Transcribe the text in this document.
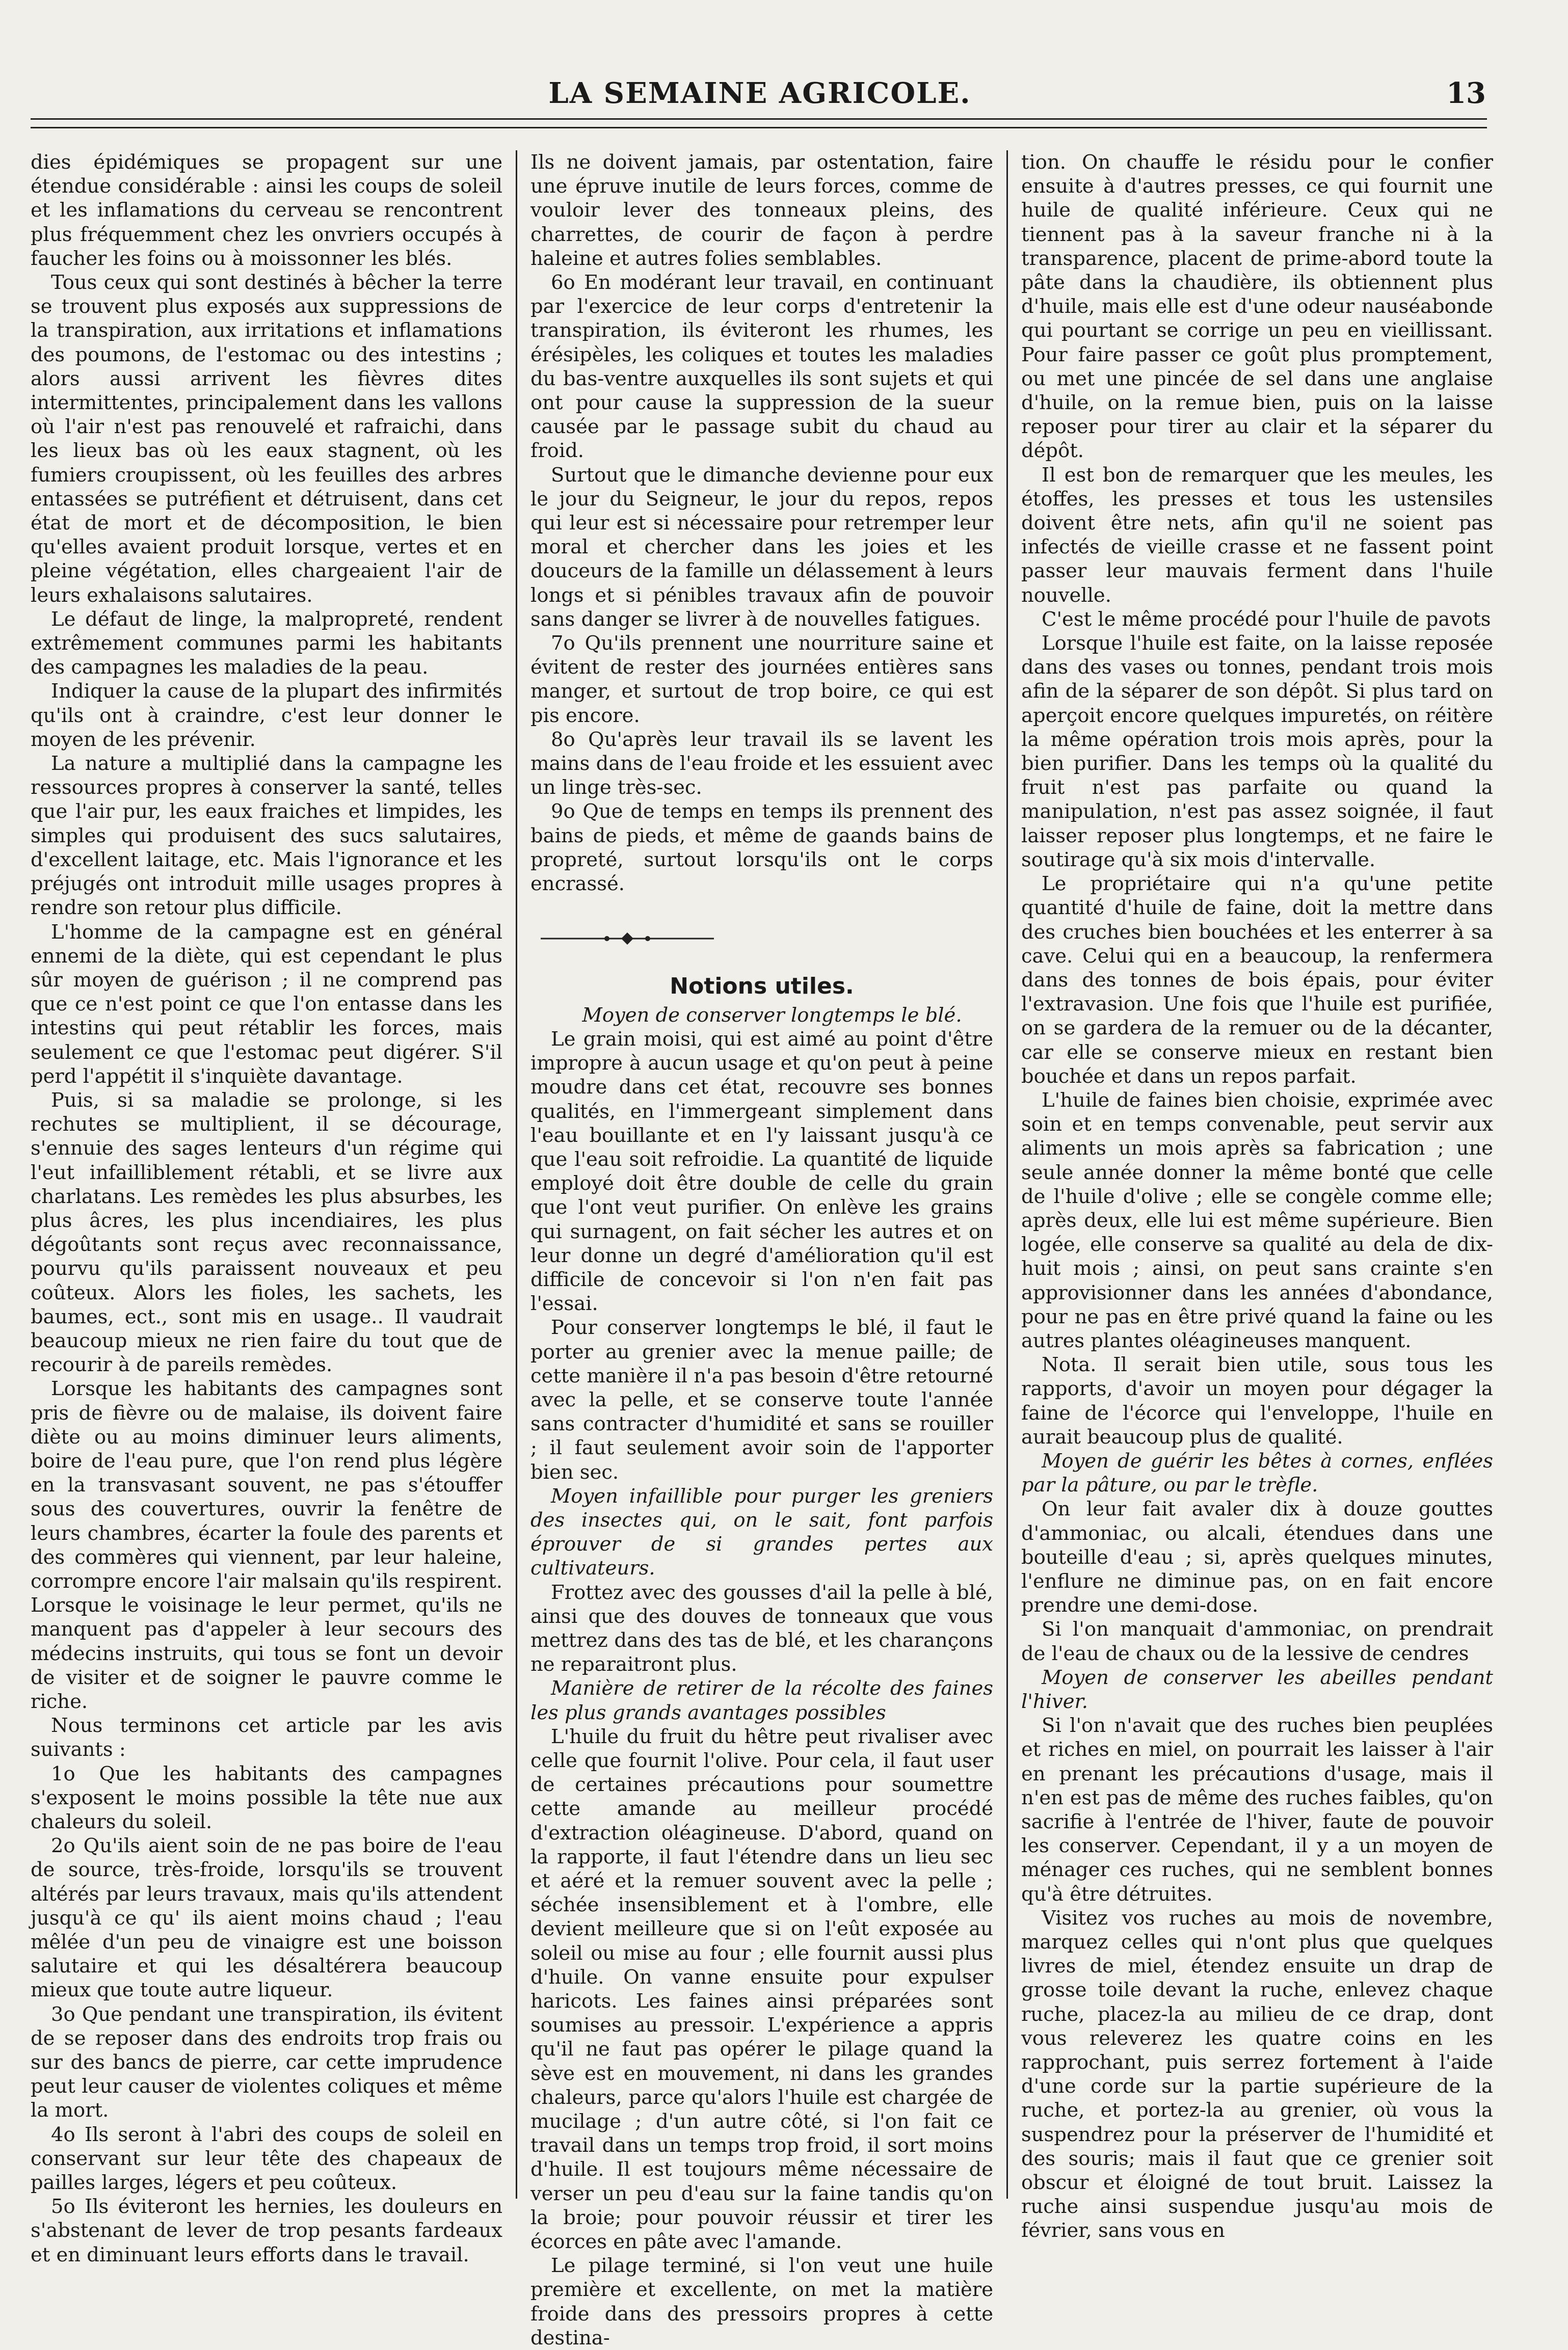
LA SEMAINE AGRICOLE.	13

dies épidémiques se propagent sur une étendue considérable : ainsi les coups de soleil et les inflamations du cerveau se rencontrent plus fréquemment chez les onvriers occupés à faucher les foins ou à moissonner les blés.

Tous ceux qui sont destinés à bêcher la terre se trouvent plus exposés aux suppressions de la transpiration, aux irritations et inflamations des poumons, de l'estomac ou des intestins ; alors aussi arrivent les fièvres dites intermittentes, principalement dans les vallons où l'air n'est pas renouvelé et rafraichi, dans les lieux bas où les eaux stagnent, où les fumiers croupissent, où les feuilles des arbres entassées se putréfient et détruisent, dans cet état de mort et de décomposition, le bien qu'elles avaient produit lorsque, vertes et en pleine végétation, elles chargeaient l'air de leurs exhalaisons salutaires.

Le défaut de linge, la malpropreté, rendent extrêmement communes parmi les habitants des campagnes les maladies de la peau.

Indiquer la cause de la plupart des infirmités qu'ils ont à craindre, c'est leur donner le moyen de les prévenir.

La nature a multiplié dans la campagne les ressources propres à conserver la santé, telles que l'air pur, les eaux fraiches et limpides, les simples qui produisent des sucs salutaires, d'excellent laitage, etc. Mais l'ignorance et les préjugés ont introduit mille usages propres à rendre son retour plus difficile.

L'homme de la campagne est en général ennemi de la diète, qui est cependant le plus sûr moyen de guérison ; il ne comprend pas que ce n'est point ce que l'on entasse dans les intestins qui peut rétablir les forces, mais seulement ce que l'estomac peut digérer. S'il perd l'appétit il s'inquiète davantage.

Puis, si sa maladie se prolonge, si les rechutes se multiplient, il se décourage, s'ennuie des sages lenteurs d'un régime qui l'eut infailliblement rétabli, et se livre aux charlatans. Les remèdes les plus absurbes, les plus âcres, les plus incendiaires, les plus dégoûtants sont reçus avec reconnaissance, pourvu qu'ils paraissent nouveaux et peu coûteux. Alors les fioles, les sachets, les baumes, ect., sont mis en usage.. Il vaudrait beaucoup mieux ne rien faire du tout que de recourir à de pareils remèdes.

Lorsque les habitants des campagnes sont pris de fièvre ou de malaise, ils doivent faire diète ou au moins diminuer leurs aliments, boire de l'eau pure, que l'on rend plus légère en la transvasant souvent, ne pas s'étouffer sous des couvertures, ouvrir la fenêtre de leurs chambres, écarter la foule des parents et des commères qui viennent, par leur haleine, corrompre encore l'air malsain qu'ils respirent. Lorsque le voisinage le leur permet, qu'ils ne manquent pas d'appeler à leur secours des médecins instruits, qui tous se font un devoir de visiter et de soigner le pauvre comme le riche.

Nous terminons cet article par les avis suivants :

1o Que les habitants des campagnes s'exposent le moins possible la tête nue aux chaleurs du soleil.

2o Qu'ils aient soin de ne pas boire de l'eau de source, très-froide, lorsqu'ils se trouvent altérés par leurs travaux, mais qu'ils attendent jusqu'à ce qu' ils aient moins chaud ; l'eau mêlée d'un peu de vinaigre est une boisson salutaire et qui les désaltérera beaucoup mieux que toute autre liqueur.

3o Que pendant une transpiration, ils évitent de se reposer dans des endroits trop frais ou sur des bancs de pierre, car cette imprudence peut leur causer de violentes coliques et même la mort.

4o Ils seront à l'abri des coups de soleil en conservant sur leur tête des chapeaux de pailles larges, légers et peu coûteux.

5o Ils éviteront les hernies, les douleurs en s'abstenant de lever de trop pesants fardeaux et en diminuant leurs efforts dans le travail.

Ils ne doivent jamais, par ostentation, faire une épruve inutile de leurs forces, comme de vouloir lever des tonneaux pleins, des charrettes, de courir de façon à perdre haleine et autres folies semblables.

6o En modérant leur travail, en continuant par l'exercice de leur corps d'entretenir la transpiration, ils éviteront les rhumes, les érésipèles, les coliques et toutes les maladies du bas-ventre auxquelles ils sont sujets et qui ont pour cause la suppression de la sueur causée par le passage subit du chaud au froid.

Surtout que le dimanche devienne pour eux le jour du Seigneur, le jour du repos, repos qui leur est si nécessaire pour retremper leur moral et chercher dans les joies et les douceurs de la famille un délassement à leurs longs et si pénibles travaux afin de pouvoir sans danger se livrer à de nouvelles fatigues.

7o Qu'ils prennent une nourriture saine et évitent de rester des journées entières sans manger, et surtout de trop boire, ce qui est pis encore.

8o Qu'après leur travail ils se lavent les mains dans de l'eau froide et les essuient avec un linge très-sec.

9o Que de temps en temps ils prennent des bains de pieds, et même de gaands bains de propreté, surtout lorsqu'ils ont le corps encrassé.

Notions utiles.

Moyen de conserver longtemps le blé.

Le grain moisi, qui est aimé au point d'être impropre à aucun usage et qu'on peut à peine moudre dans cet état, recouvre ses bonnes qualités, en l'immergeant simplement dans l'eau bouillante et en l'y laissant jusqu'à ce que l'eau soit refroidie. La quantité de liquide employé doit être double de celle du grain que l'ont veut purifier. On enlève les grains qui surnagent, on fait sécher les autres et on leur donne un degré d'amélioration qu'il est difficile de concevoir si l'on n'en fait pas l'essai.

Pour conserver longtemps le blé, il faut le porter au grenier avec la menue paille; de cette manière il n'a pas besoin d'être retourné avec la pelle, et se conserve toute l'année sans contracter d'humidité et sans se rouiller ; il faut seulement avoir soin de l'apporter bien sec.

Moyen infaillible pour purger les greniers des insectes qui, on le sait, font parfois éprouver de si grandes pertes aux cultivateurs.

Frottez avec des gousses d'ail la pelle à blé, ainsi que des douves de tonneaux que vous mettrez dans des tas de blé, et les charançons ne reparaitront plus.

Manière de retirer de la récolte des faines les plus grands avantages possibles

L'huile du fruit du hêtre peut rivaliser avec celle que fournit l'olive. Pour cela, il faut user de certaines précautions pour soumettre cette amande au meilleur procédé d'extraction oléagineuse. D'abord, quand on la rapporte, il faut l'étendre dans un lieu sec et aéré et la remuer souvent avec la pelle ; séchée insensiblement et à l'ombre, elle devient meilleure que si on l'eût exposée au soleil ou mise au four ; elle fournit aussi plus d'huile. On vanne ensuite pour expulser haricots. Les faines ainsi préparées sont soumises au pressoir. L'expérience a appris qu'il ne faut pas opérer le pilage quand la sève est en mouvement, ni dans les grandes chaleurs, parce qu'alors l'huile est chargée de mucilage ; d'un autre côté, si l'on fait ce travail dans un temps trop froid, il sort moins d'huile. Il est toujours même nécessaire de verser un peu d'eau sur la faine tandis qu'on la broie; pour pouvoir réussir et tirer les écorces en pâte avec l'amande.

Le pilage terminé, si l'on veut une huile première et excellente, on met la matière froide dans des pressoirs propres à cette destina-

tion. On chauffe le résidu pour le confier ensuite à d'autres presses, ce qui fournit une huile de qualité inférieure. Ceux qui ne tiennent pas à la saveur franche ni à la transparence, placent de prime-abord toute la pâte dans la chaudière, ils obtiennent plus d'huile, mais elle est d'une odeur nauséabonde qui pourtant se corrige un peu en vieillissant. Pour faire passer ce goût plus promptement, ou met une pincée de sel dans une anglaise d'huile, on la remue bien, puis on la laisse reposer pour tirer au clair et la séparer du dépôt.

Il est bon de remarquer que les meules, les étoffes, les presses et tous les ustensiles doivent être nets, afin qu'il ne soient pas infectés de vieille crasse et ne fassent point passer leur mauvais ferment dans l'huile nouvelle.

C'est le même procédé pour l'huile de pavots

Lorsque l'huile est faite, on la laisse reposée dans des vases ou tonnes, pendant trois mois afin de la séparer de son dépôt. Si plus tard on aperçoit encore quelques impuretés, on réitère la même opération trois mois après, pour la bien purifier. Dans les temps où la qualité du fruit n'est pas parfaite ou quand la manipulation, n'est pas assez soignée, il faut laisser reposer plus longtemps, et ne faire le soutirage qu'à six mois d'intervalle.

Le propriétaire qui n'a qu'une petite quantité d'huile de faine, doit la mettre dans des cruches bien bouchées et les enterrer à sa cave. Celui qui en a beaucoup, la renfermera dans des tonnes de bois épais, pour éviter l'extravasion. Une fois que l'huile est purifiée, on se gardera de la remuer ou de la décanter, car elle se conserve mieux en restant bien bouchée et dans un repos parfait.

L'huile de faines bien choisie, exprimée avec soin et en temps convenable, peut servir aux aliments un mois après sa fabrication ; une seule année donner la même bonté que celle de l'huile d'olive ; elle se congèle comme elle; après deux, elle lui est même supérieure. Bien logée, elle conserve sa qualité au dela de dix-huit mois ; ainsi, on peut sans crainte s'en approvisionner dans les années d'abondance, pour ne pas en être privé quand la faine ou les autres plantes oléagineuses manquent.

Nota. Il serait bien utile, sous tous les rapports, d'avoir un moyen pour dégager la faine de l'écorce qui l'enveloppe, l'huile en aurait beaucoup plus de qualité.

Moyen de guérir les bêtes à cornes, enflées par la pâture, ou par le trèfle.

On leur fait avaler dix à douze gouttes d'ammoniac, ou alcali, étendues dans une bouteille d'eau ; si, après quelques minutes, l'enflure ne diminue pas, on en fait encore prendre une demi-dose.

Si l'on manquait d'ammoniac, on prendrait de l'eau de chaux ou de la lessive de cendres

Moyen de conserver les abeilles pendant l'hiver.

Si l'on n'avait que des ruches bien peuplées et riches en miel, on pourrait les laisser à l'air en prenant les précautions d'usage, mais il n'en est pas de même des ruches faibles, qu'on sacrifie à l'entrée de l'hiver, faute de pouvoir les conserver. Cependant, il y a un moyen de ménager ces ruches, qui ne semblent bonnes qu'à être détruites.

Visitez vos ruches au mois de novembre, marquez celles qui n'ont plus que quelques livres de miel, étendez ensuite un drap de grosse toile devant la ruche, enlevez chaque ruche, placez-la au milieu de ce drap, dont vous releverez les quatre coins en les rapprochant, puis serrez fortement à l'aide d'une corde sur la partie supérieure de la ruche, et portez-la au grenier, où vous la suspendrez pour la préserver de l'humidité et des souris; mais il faut que ce grenier soit obscur et éloigné de tout bruit. Laissez la ruche ainsi suspendue jusqu'au mois de février, sans vous en
